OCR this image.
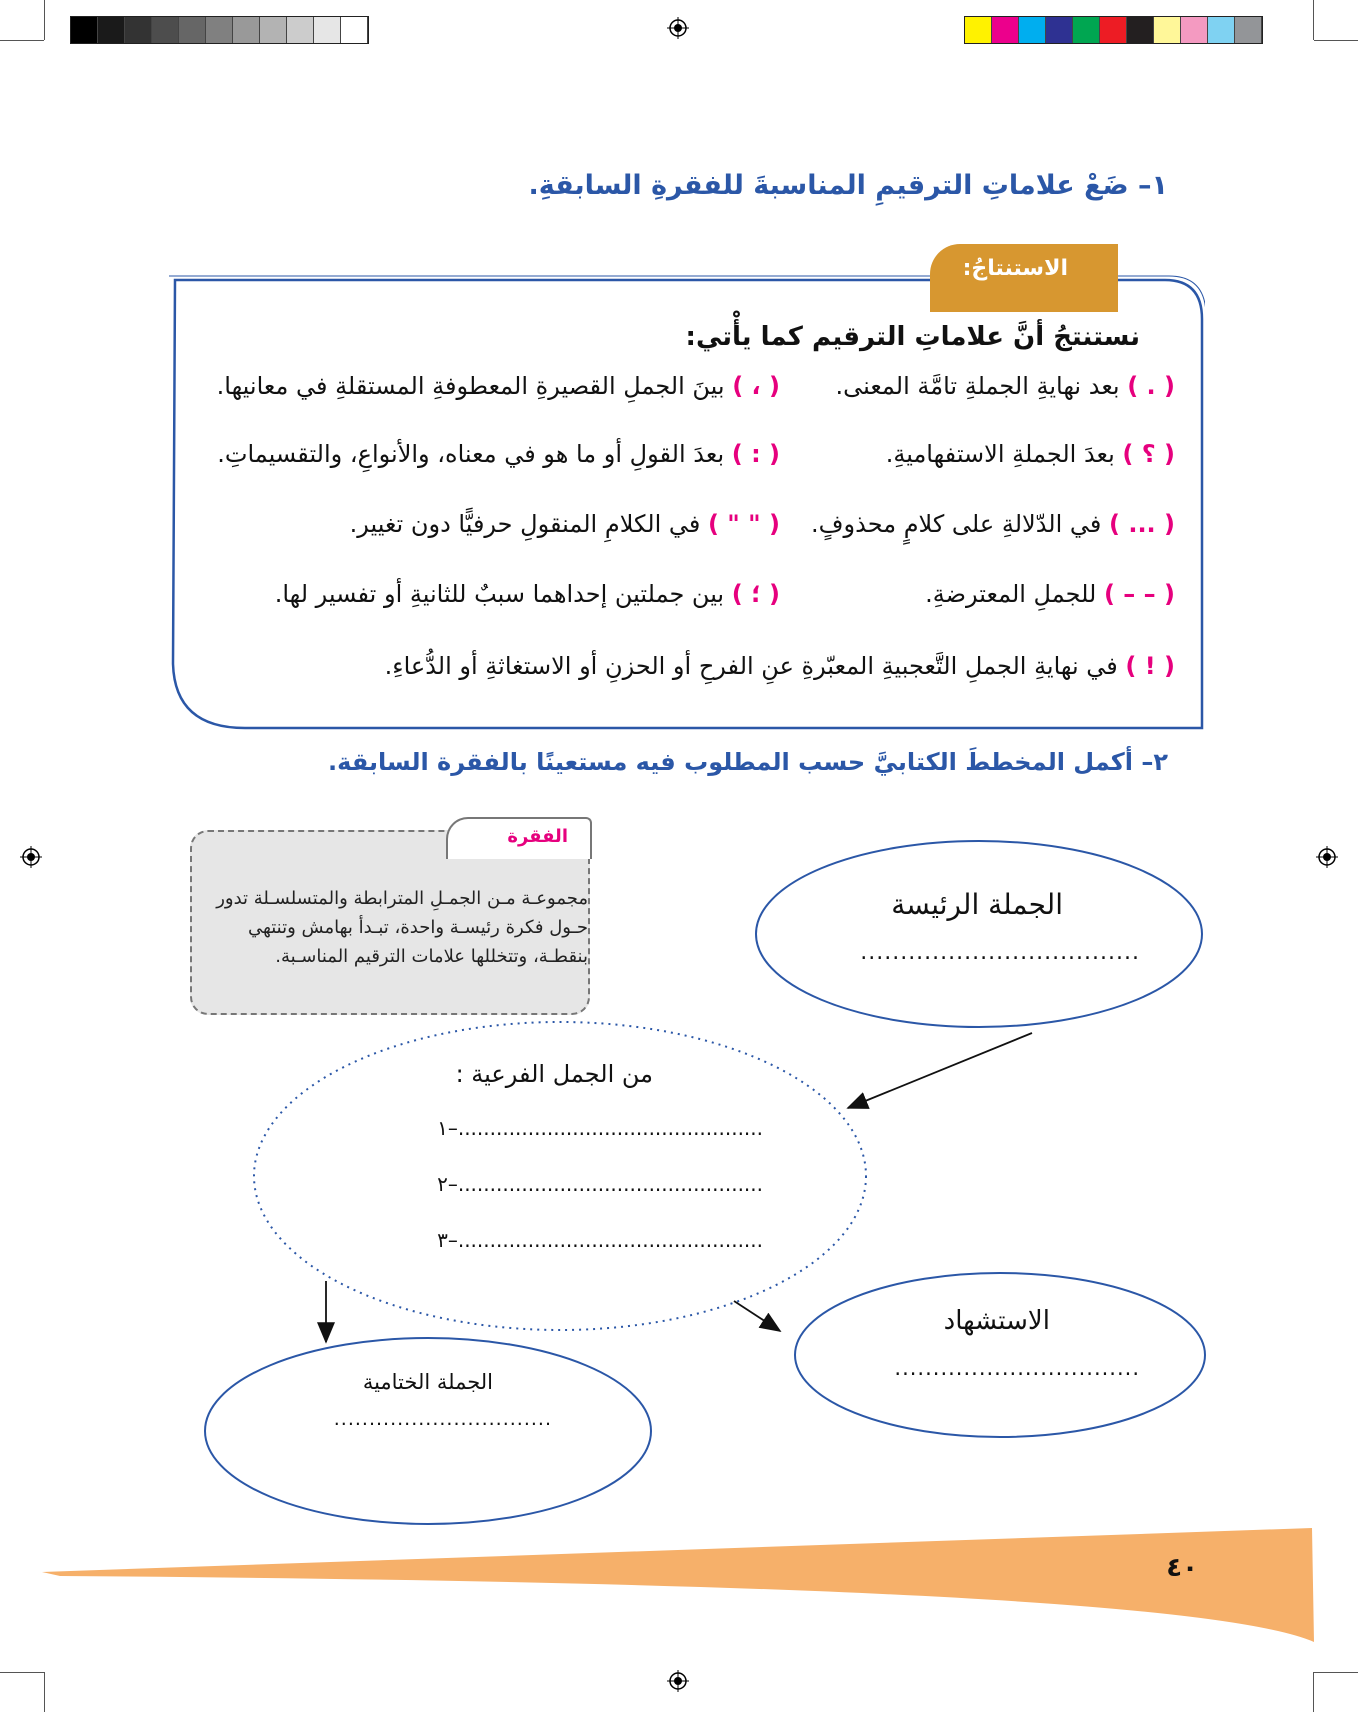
١– ضَعْ علاماتِ الترقيمِ المناسبةَ للفقرةِ السابقةِ.
الاستنتاجُ:
نستنتجُ أنَّ علاماتِ الترقيم كما يأْتي:
( . ) بعد نهايةِ الجملةِ تامَّة المعنى.
( ، ) بينَ الجملِ القصيرةِ المعطوفةِ المستقلةِ في معانيها.
( ؟ ) بعدَ الجملةِ الاستفهاميةِ.
( : ) بعدَ القولِ أو ما هو في معناه، والأنواعِ، والتقسيماتِ.
( ... ) في الدّلالةِ على كلامٍ محذوفٍ.
( " " ) في الكلامِ المنقولِ حرفيًّا دون تغيير.
( – – ) للجملِ المعترضةِ.
( ؛ ) بين جملتين إحداهما سببٌ للثانيةِ أو تفسير لها.
( ! ) في نهايةِ الجملِ التَّعجبيةِ المعبّرةِ عنِ الفرحِ أو الحزنِ أو الاستغاثةِ أو الدُّعاءِ.
٢– أكمل المخططَ الكتابيَّ حسب المطلوب فيه مستعينًا بالفقرة السابقة.
الفقرة
مجموعـة مـن الجمـلِ المترابطة والمتسلسـلة تدور
حـول فكرة رئيسـة واحدة، تبـدأ بهامش وتنتهي
بنقطـة، وتتخللها علامات الترقيم المناسـبة.
الجملة الرئيسة
...................................
من الجمل الفرعية :
١–................................................
٢–................................................
٣–................................................
الاستشهاد
................................
الجملة الختامية
...............................
٤٠
